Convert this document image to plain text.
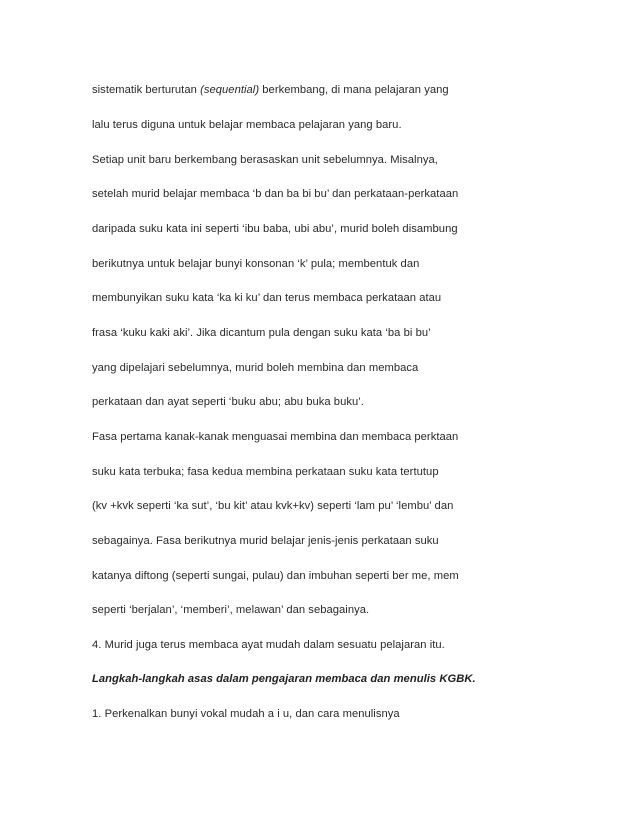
sistematik berturutan (sequential) berkembang, di mana pelajaran yang

lalu terus diguna untuk belajar membaca pelajaran yang baru.

Setiap unit baru berkembang berasaskan unit sebelumnya. Misalnya,

setelah murid belajar membaca ‘b dan ba bi bu’ dan perkataan-perkataan

daripada suku kata ini seperti ‘ibu baba, ubi abu’, murid boleh disambung

berikutnya untuk belajar bunyi konsonan ‘k’ pula; membentuk dan

membunyikan suku kata ‘ka ki ku’ dan terus membaca perkataan atau

frasa ‘kuku kaki aki’. Jika dicantum pula dengan suku kata ‘ba bi bu’

yang dipelajari sebelumnya, murid boleh membina dan membaca

perkataan dan ayat seperti ‘buku abu; abu buka buku’.

Fasa pertama kanak-kanak menguasai membina dan membaca perktaan

suku kata terbuka; fasa kedua membina perkataan suku kata tertutup

(kv +kvk seperti ‘ka sut’, ‘bu kit’ atau kvk+kv) seperti ‘lam pu’ ‘lembu’ dan

sebagainya. Fasa berikutnya murid belajar jenis-jenis perkataan suku

katanya diftong (seperti sungai, pulau) dan imbuhan seperti ber me, mem

seperti ‘berjalan’, ‘memberi’, melawan’ dan sebagainya.

4. Murid juga terus membaca ayat mudah dalam sesuatu pelajaran itu.

Langkah-langkah asas dalam pengajaran membaca dan menulis KGBK.

1. Perkenalkan bunyi vokal mudah a i u, dan cara menulisnya
